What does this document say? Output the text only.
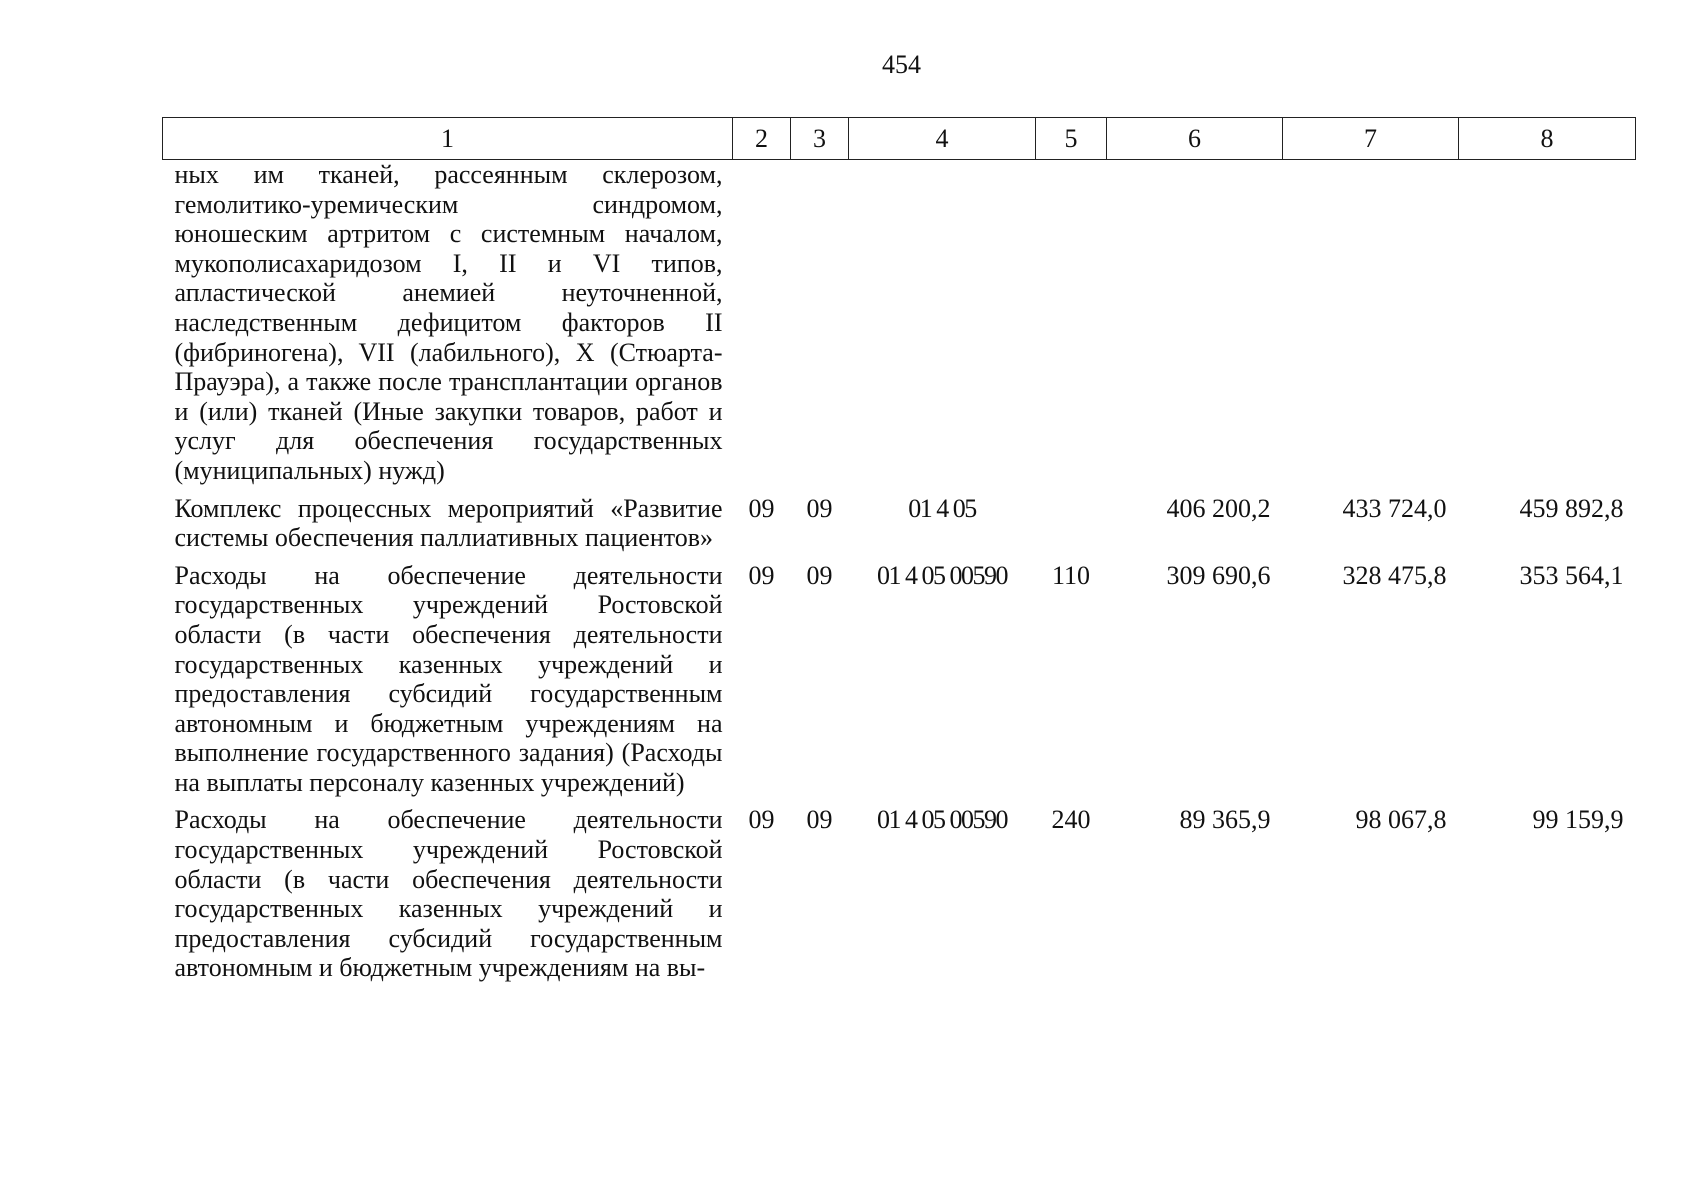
454
1	2	3	4	5	6	7	8
ных им тканей, рассеянным склерозом, гемолитико-уремическим синдромом, юношеским артритом с системным началом, мукополисахаридозом I, II и VI типов, апластической анемией неуточненной, наследственным дефицитом факторов II (фибриногена), VII (лабильного), X (Стюарта-Прауэра), а также после трансплантации органов и (или) тканей (Иные закупки товаров, работ и услуг для обеспечения государственных (муниципальных) нужд)							
Комплекс процессных мероприятий «Развитие системы обеспечения паллиативных пациентов»	09	09	01 4 05		406 200,2	433 724,0	459 892,8
Расходы на обеспечение деятельности государственных учреждений Ростовской области (в части обеспечения деятельности государственных казенных учреждений и предоставления субсидий государственным автономным и бюджетным учреждениям на выполнение государственного задания) (Расходы на выплаты персоналу казенных учреждений)	09	09	01 4 05 00590	110	309 690,6	328 475,8	353 564,1
Расходы на обеспечение деятельности государственных учреждений Ростовской области (в части обеспечения деятельности государственных казенных учреждений и предоставления субсидий государственным автономным и бюджетным учреждениям на вы-	09	09	01 4 05 00590	240	89 365,9	98 067,8	99 159,9
